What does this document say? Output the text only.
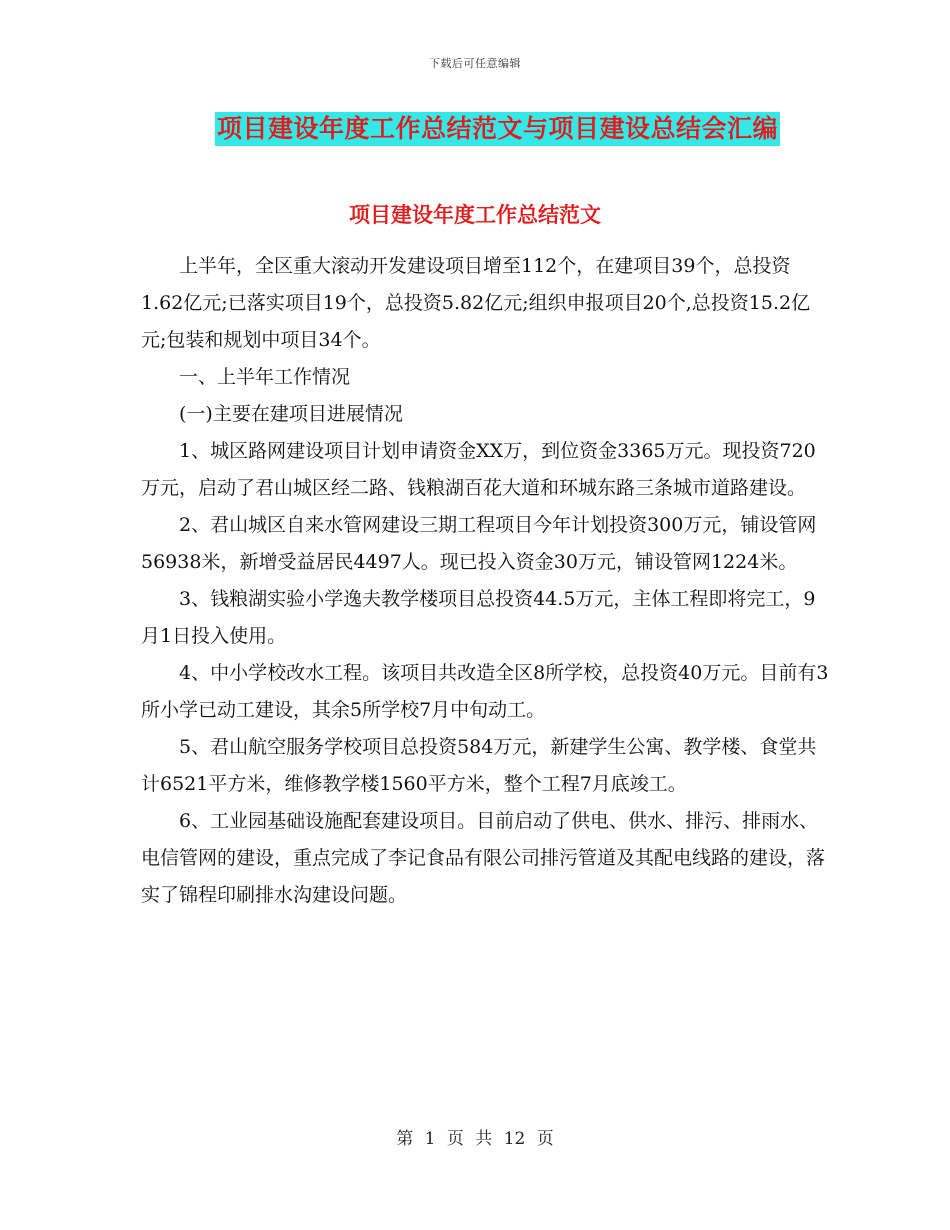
下载后可任意编辑
项目建设年度工作总结范文与项目建设总结会汇编
项目建设年度工作总结范文

上半年，全区重大滚动开发建设项目增至112个，在建项目39个，总投资1.62亿元;已落实项目19个，总投资5.82亿元;组织申报项目20个,总投资15.2亿元;包装和规划中项目34个。

一、上半年工作情况

(一)主要在建项目进展情况

1、城区路网建设项目计划申请资金XX万，到位资金3365万元。现投资720万元，启动了君山城区经二路、钱粮湖百花大道和环城东路三条城市道路建设。

2、君山城区自来水管网建设三期工程项目今年计划投资300万元，铺设管网56938米，新增受益居民4497人。现已投入资金30万元，铺设管网1224米。

3、钱粮湖实验小学逸夫教学楼项目总投资44.5万元，主体工程即将完工，9月1日投入使用。

4、中小学校改水工程。该项目共改造全区8所学校，总投资40万元。目前有3所小学已动工建设，其余5所学校7月中旬动工。

5、君山航空服务学校项目总投资584万元，新建学生公寓、教学楼、食堂共计6521平方米，维修教学楼1560平方米，整个工程7月底竣工。

6、工业园基础设施配套建设项目。目前启动了供电、供水、排污、排雨水、电信管网的建设，重点完成了李记食品有限公司排污管道及其配电线路的建设，落实了锦程印刷排水沟建设问题。

第 1 页 共 12 页
